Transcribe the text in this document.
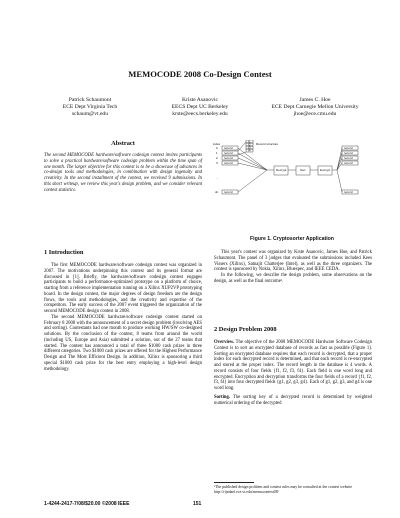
MEMOCODE 2008 Co-Design Contest
Patrick Schaumont
ECE Dept Virginia Tech
schaum@vt.edu
Kriste Asanovic
EECS Dept UC Berkeley
krste@eecs.berkeley.edu
James C. Hoe
ECE Dept Carnegie Mellon University
jhoe@ece.cmu.edu
Abstract
The second MEMOCODE hardware/software codesign contest invites participants to solve a practical hardware/software codesign problem within the time span of one month. The larger objective for this contest is to be a showcase of advances in co-design tools and methodologies, in combination with design ingenuity and creativity. In the second installment of the contest, we received 9 submissions. In this short writeup, we review this year's design problem, and we consider relevant contest statistics.
1 Introduction

The first MEMOCODE hardware/software codesign contest was organized in 2007. The motivations underpinning this contest and its general format are discussed in [1]. Briefly, the hardware/software codesign contest engages participants to build a performance-optimized prototype on a platform of choice, starting from a reference implementation running on a Xilinx XUP2VP prototyping board. In the design contest, the major degrees of design freedom are the design flows, the tools and methodologies, and the creativity and expertise of the competitors. The early success of the 2007 event triggered the organization of the second MEMOCODE design contest in 2008.

The second MEMOCODE hardware/software codesign contest started on February 8 2008 with the announcement of a secret design problem (involving AES and sorting). Contestants had one month to produce working HW/SW co-designed solutions. By the conclusion of the contest, 8 teams from around the world (including US, Europe and Asia) submitted a solution, out of the 27 teams that started. The contest has announced a total of three $1000 cash prizes in three different categories. Two $1000 cash prizes are offered for the Highest Performance Design and The Most Efficient Design. In addition, Xilinx is sponsoring a third special $1000 cash prize for the best entry employing a high-level design methodology.

index
0
1
2
3
...
dn
record
record
record
record
record
record
record
record
record
record
f1
f2
f3
f4
Record structure
Decrypt	Sort	Encrypt
Figure 1. Cryptosorter Application

This year's contest was organized by Krste Asanovic, James Hoe, and Patrick Schaumont. The panel of 3 judges that evaluated the submissions included Kees Vissers (Xilinx), Satnajit Chatterjee (Intel), as well as the three organizers. The contest is sponsored by Nokia, Xilinx, Bluespec, and IEEE CEDA.

In the following, we describe the design problem, some observations on the design, as well as the final outcome¹.

2 Design Problem 2008

Overview. The objective of the 2008 MEMOCODE Hardware Software Codesign Contest is to sort an encrypted database of records as fast as possible (Figure 1). Sorting an encrypted database requires that each record is decrypted, that a proper index for each decrypted record is determined, and that each record is re-encrypted and stored at the proper index. The record length in the database is 4 words. A record consists of four fields {f1, f2, f3, f4}. Each field is one word long and encrypted. Encryption and decryption transforms the four fields of a record {f1, f2, f3, f4} into four decrypted fields {g1, g2, g3, g4}. Each of g1, g2, g3, and g4 is one word long.

Sorting. The sorting key of a decrypted record is determined by weighted numerical ordering of the decrypted

¹The published design problem and contest rules may be consulted at the contest website http://rijndael.ece.vt.edu/memocontest08/
1-4244-2417-7/08/$20.00 ©2008 IEEE	151
